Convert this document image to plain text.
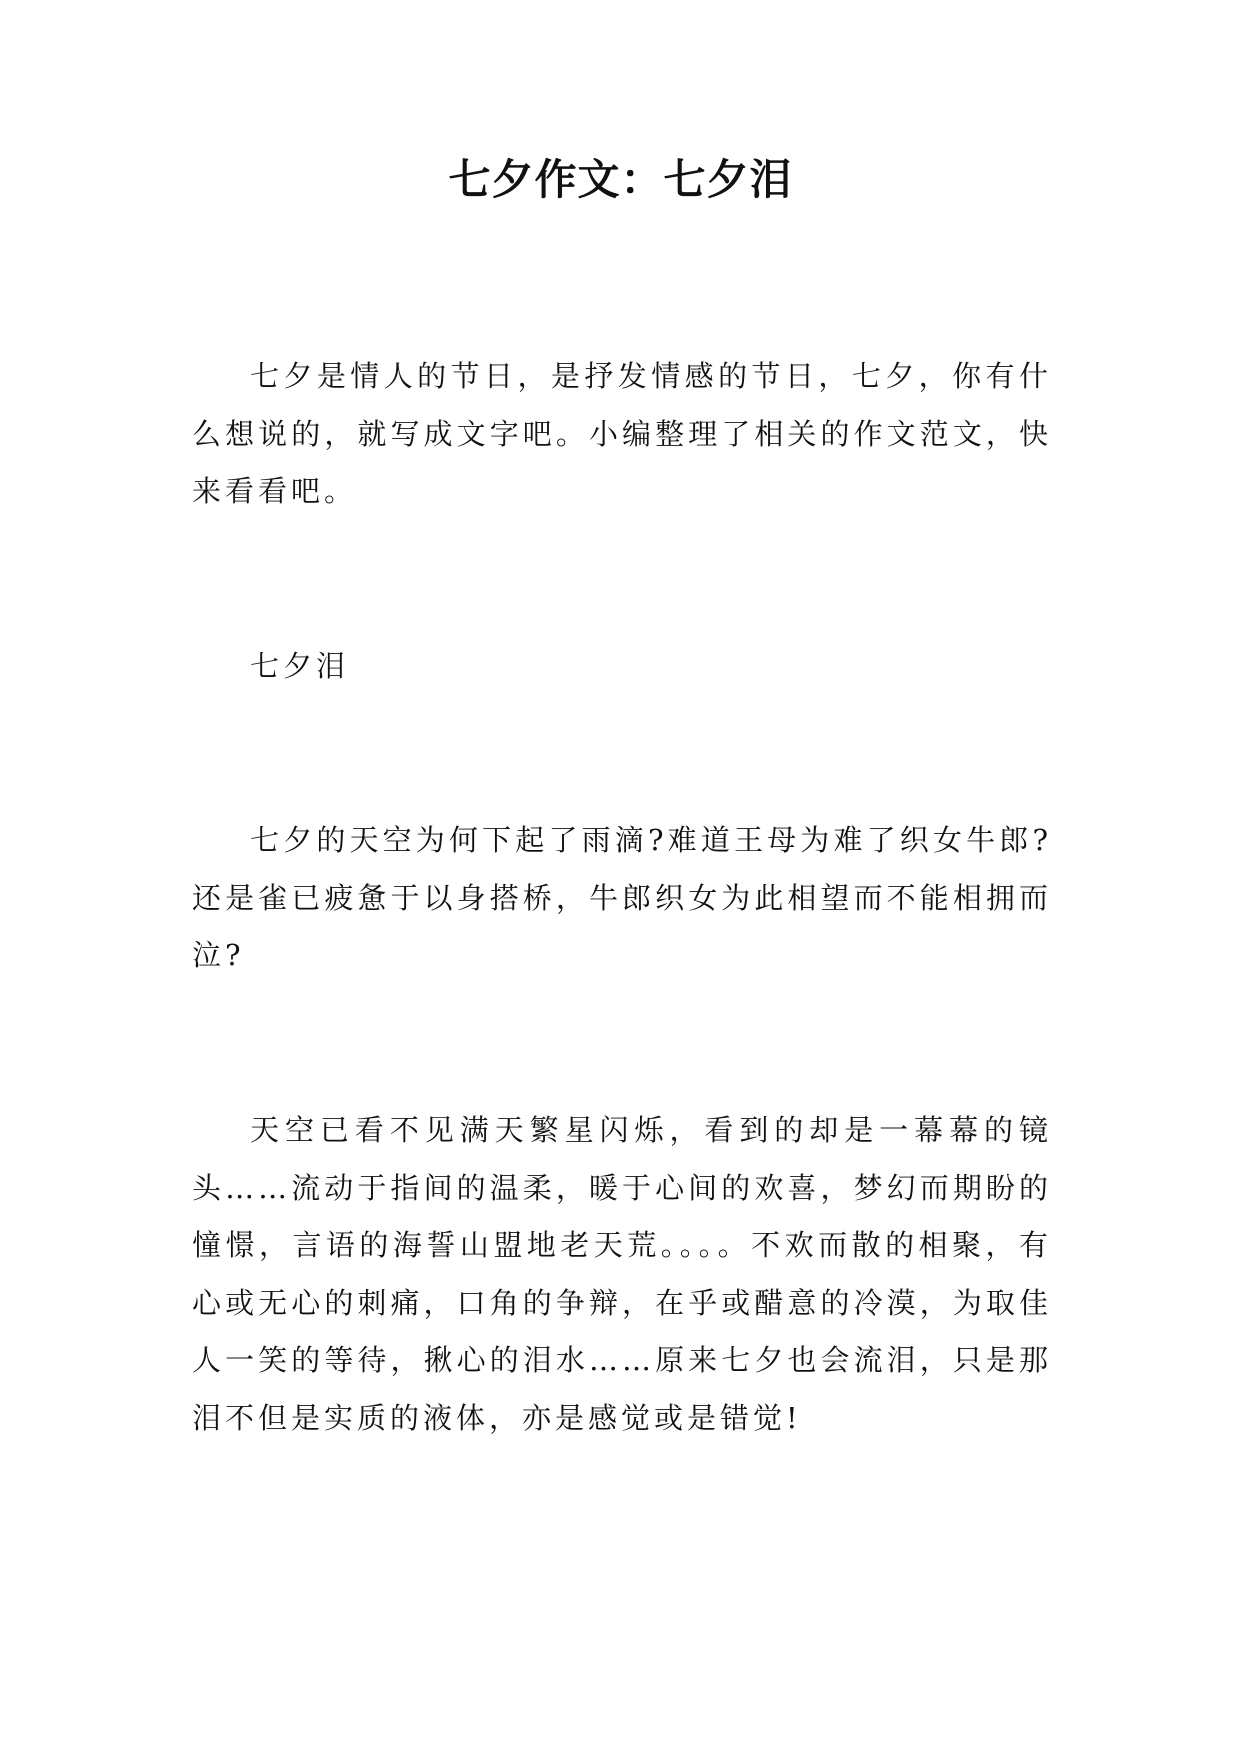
七夕作文：七夕泪

七夕是情人的节日，是抒发情感的节日，七夕，你有什么想说的，就写成文字吧。小编整理了相关的作文范文，快来看看吧。

七夕泪

七夕的天空为何下起了雨滴?难道王母为难了织女牛郎?还是雀已疲惫于以身搭桥，牛郎织女为此相望而不能相拥而泣?

天空已看不见满天繁星闪烁，看到的却是一幕幕的镜头……流动于指间的温柔，暖于心间的欢喜，梦幻而期盼的憧憬，言语的海誓山盟地老天荒。。。。不欢而散的相聚，有心或无心的刺痛，口角的争辩，在乎或醋意的冷漠，为取佳人一笑的等待，揪心的泪水……原来七夕也会流泪，只是那泪不但是实质的液体，亦是感觉或是错觉!
